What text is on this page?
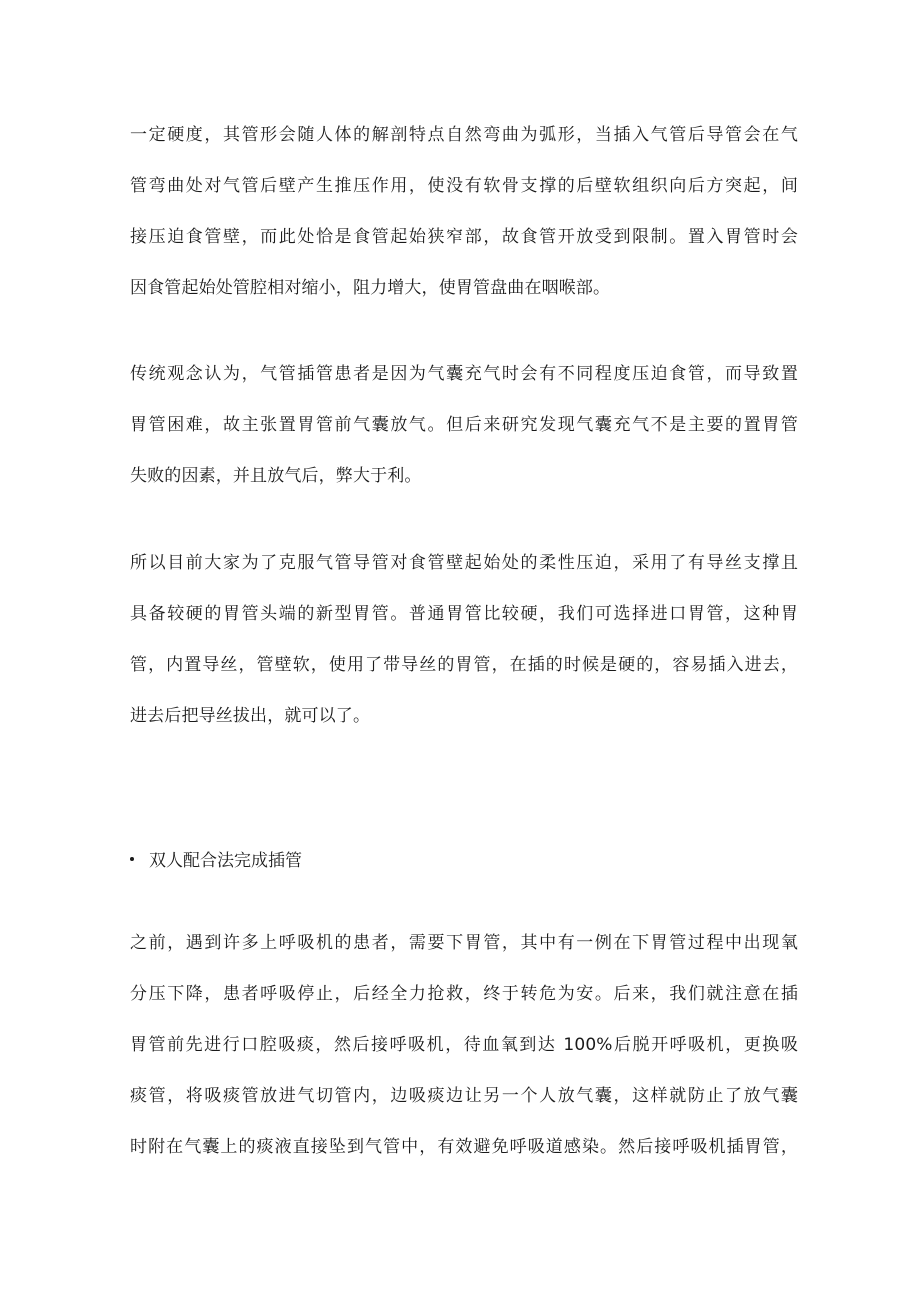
一定硬度，其管形会随人体的解剖特点自然弯曲为弧形，当插入气管后导管会在气
管弯曲处对气管后壁产生推压作用，使没有软骨支撑的后壁软组织向后方突起，间
接压迫食管壁，而此处恰是食管起始狭窄部，故食管开放受到限制。置入胃管时会
因食管起始处管腔相对缩小，阻力增大，使胃管盘曲在咽喉部。

传统观念认为，气管插管患者是因为气囊充气时会有不同程度压迫食管，而导致置
胃管困难，故主张置胃管前气囊放气。但后来研究发现气囊充气不是主要的置胃管
失败的因素，并且放气后，弊大于利。

所以目前大家为了克服气管导管对食管壁起始处的柔性压迫，采用了有导丝支撑且
具备较硬的胃管头端的新型胃管。普通胃管比较硬，我们可选择进口胃管，这种胃
管，内置导丝，管壁软，使用了带导丝的胃管，在插的时候是硬的，容易插入进去，
进去后把导丝拔出，就可以了。

双人配合法完成插管

之前，遇到许多上呼吸机的患者，需要下胃管，其中有一例在下胃管过程中出现氧
分压下降，患者呼吸停止，后经全力抢救，终于转危为安。后来，我们就注意在插
胃管前先进行口腔吸痰，然后接呼吸机，待血氧到达 100%后脱开呼吸机，更换吸
痰管，将吸痰管放进气切管内，边吸痰边让另一个人放气囊，这样就防止了放气囊
时附在气囊上的痰液直接坠到气管中，有效避免呼吸道感染。然后接呼吸机插胃管，
